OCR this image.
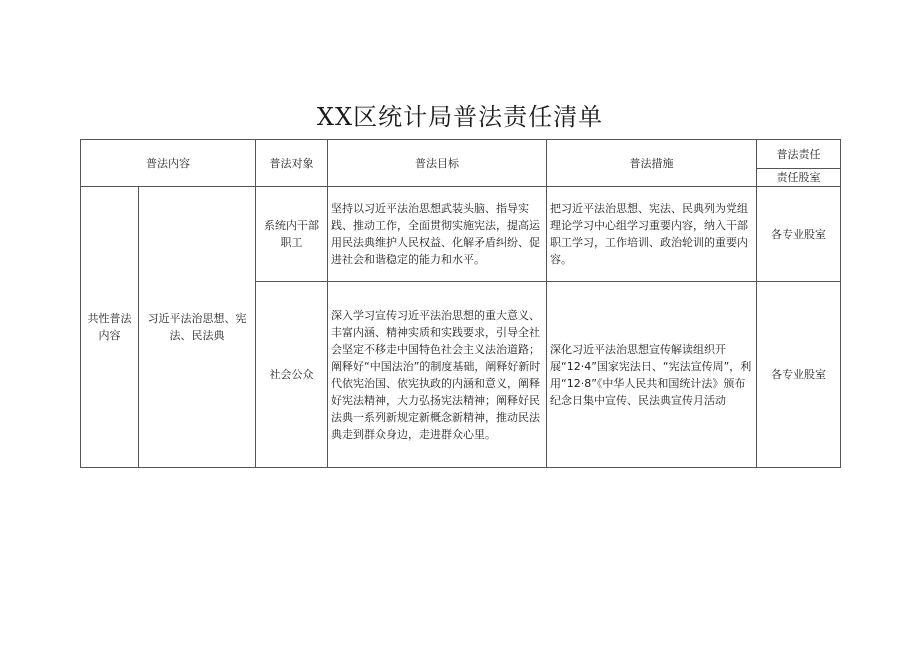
XX区统计局普法责任清单
普法内容		普法对象	普法目标	普法措施	普法责任
					责任股室
共性普法内容	习近平法治思想、宪法、民法典	系统内干部职工	坚持以习近平法治思想武装头脑、指导实践、推动工作，全面贯彻实施宪法，提高运用民法典维护人民权益、化解矛盾纠纷、促进社会和谐稳定的能力和水平。	把习近平法治思想、宪法、民典列为党组理论学习中心组学习重要内容，纳入干部职工学习，工作培训、政治轮训的重要内容。	各专业股室
		社会公众	深入学习宣传习近平法治思想的重大意义、丰富内涵、精神实质和实践要求，引导全社会坚定不移走中国特色社会主义法治道路；阐释好“中国法治”的制度基础，阐释好新时代依宪治国、依宪执政的内涵和意义，阐释好宪法精神，大力弘扬宪法精神；阐释好民法典一系列新规定新概念新精神，推动民法典走到群众身边，走进群众心里。	深化习近平法治思想宣传解读组织开展“12·4”国家宪法日、“宪法宣传周”，利用“12·8”《中华人民共和国统计法》颁布纪念日集中宣传、民法典宣传月活动	各专业股室
